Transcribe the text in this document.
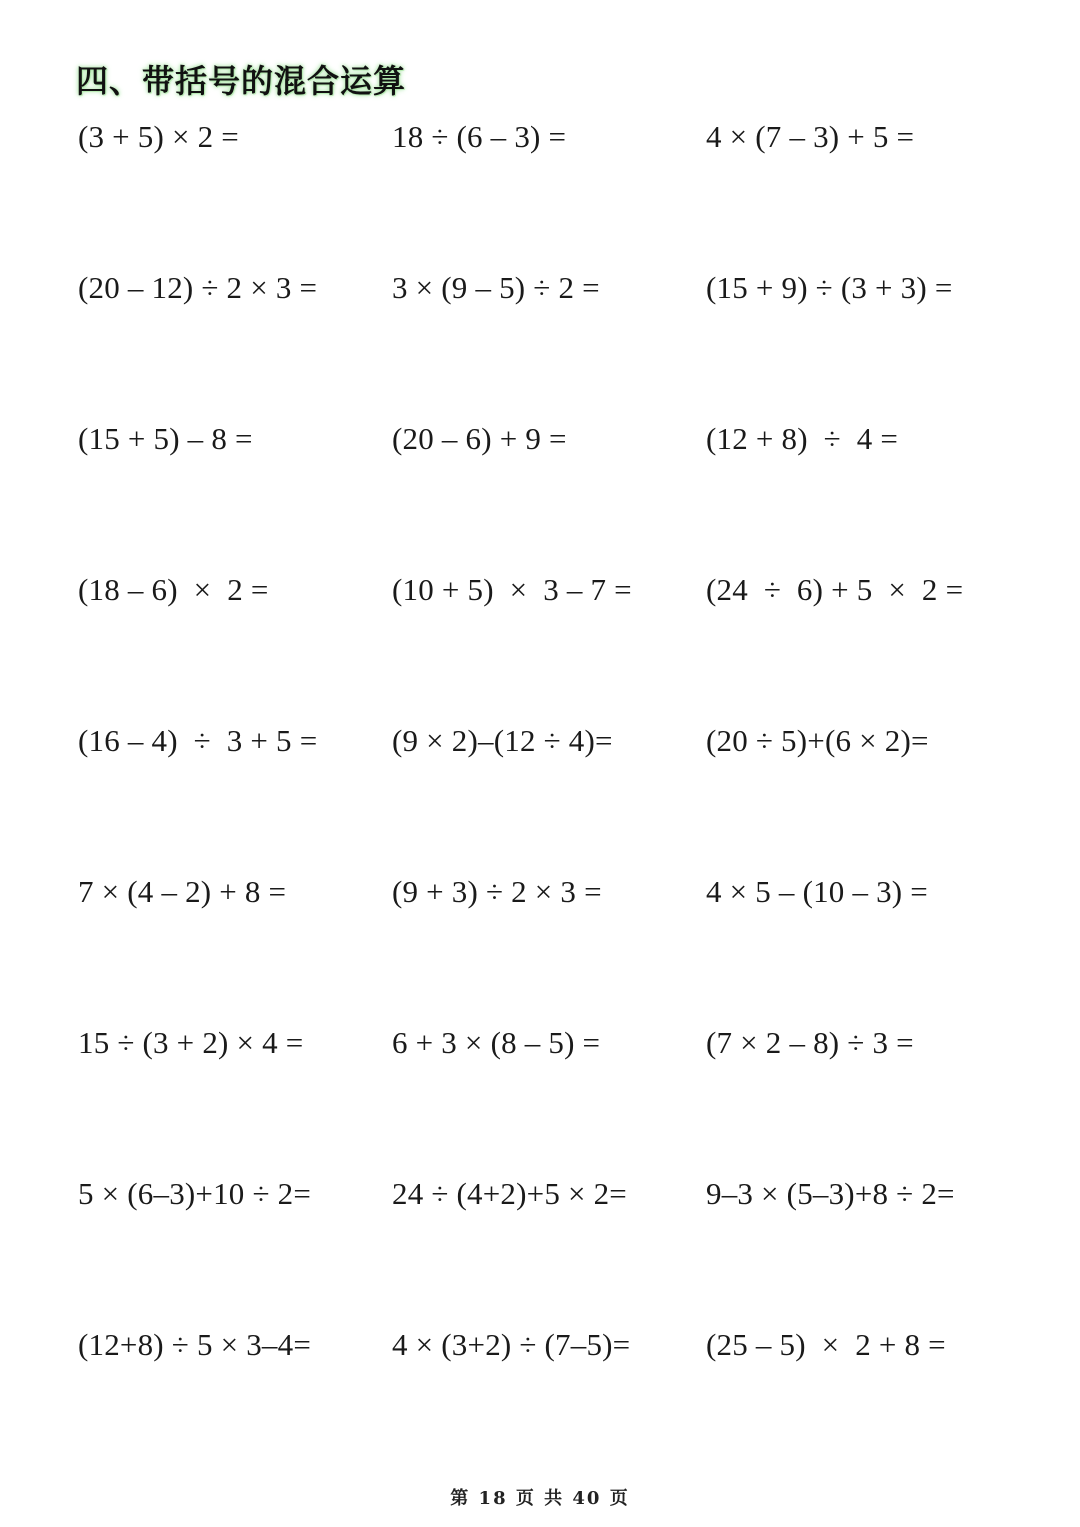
四、带括号的混合运算
(3 + 5) × 2 =	18 ÷ (6 – 3) =	4 × (7 – 3) + 5 =
(20 – 12) ÷ 2 × 3 =	3 × (9 – 5) ÷ 2 =	(15 + 9) ÷ (3 + 3) =
(15 + 5) – 8 =	(20 – 6) + 9 =	(12 + 8)  ÷  4 =
(18 – 6)  ×  2 =	(10 + 5)  ×  3 – 7 =	(24  ÷  6) + 5  ×  2 =
(16 – 4)  ÷  3 + 5 =	(9 × 2)–(12 ÷ 4)=	(20 ÷ 5)+(6 × 2)=
7 × (4 – 2) + 8 =	(9 + 3) ÷ 2 × 3 =	4 × 5 – (10 – 3) =
15 ÷ (3 + 2) × 4 =	6 + 3 × (8 – 5) =	(7 × 2 – 8) ÷ 3 =
5 × (6–3)+10 ÷ 2=	24 ÷ (4+2)+5 × 2=	9–3 × (5–3)+8 ÷ 2=
(12+8) ÷ 5 × 3–4=	4 × (3+2) ÷ (7–5)=	(25 – 5)  ×  2 + 8 =
第 18 页 共 40 页
